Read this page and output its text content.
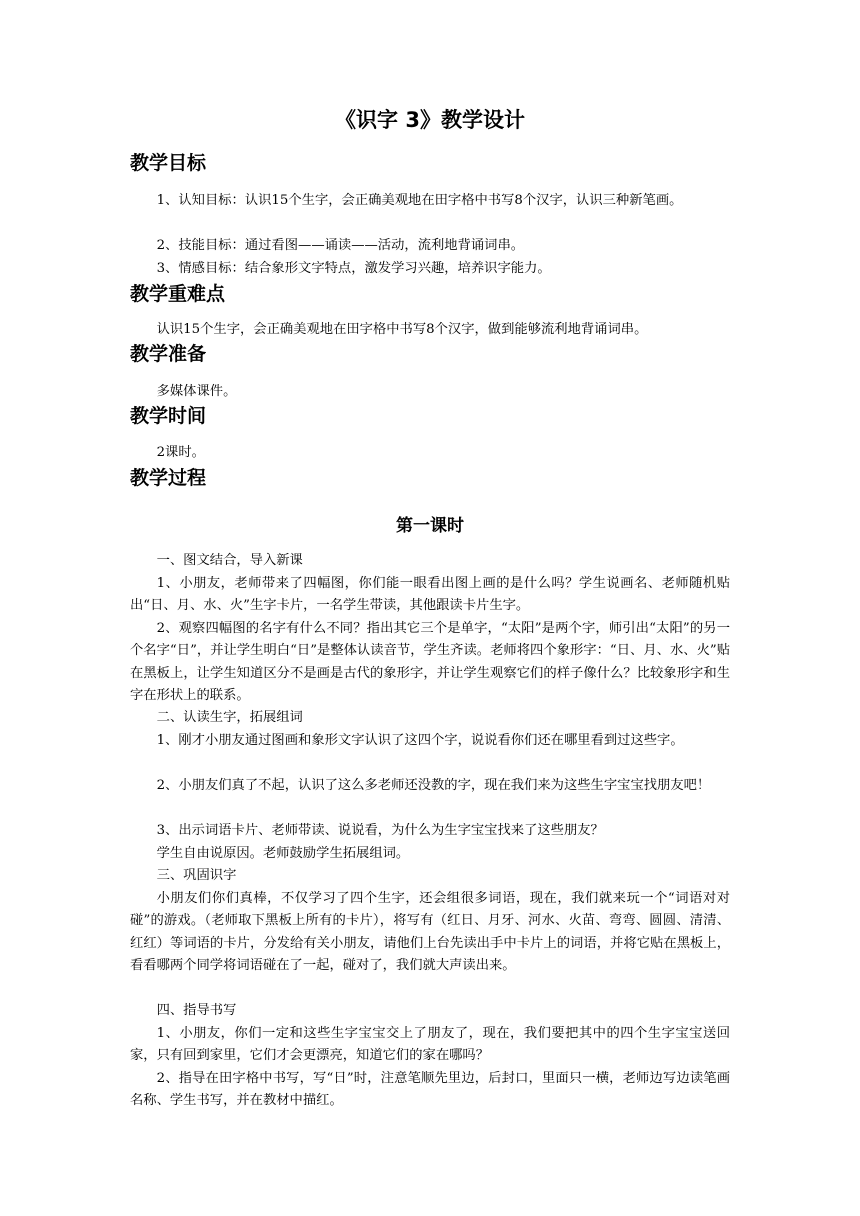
《识字 3》教学设计
教学目标

1、认知目标：认识15个生字，会正确美观地在田字格中书写8个汉字，认识三种新笔画。

2、技能目标：通过看图——诵读——活动，流利地背诵词串。

3、情感目标：结合象形文字特点，激发学习兴趣，培养识字能力。

教学重难点

认识15个生字，会正确美观地在田字格中书写8个汉字，做到能够流利地背诵词串。

教学准备

多媒体课件。

教学时间

2课时。

教学过程
第一课时

一、图文结合，导入新课

1、小朋友，老师带来了四幅图，你们能一眼看出图上画的是什么吗？学生说画名、老师随机贴出“日、月、水、火”生字卡片，一名学生带读，其他跟读卡片生字。

2、观察四幅图的名字有什么不同？指出其它三个是单字，“太阳”是两个字，师引出“太阳”的另一个名字“日”，并让学生明白“日”是整体认读音节，学生齐读。老师将四个象形字：“日、月、水、火”贴在黑板上，让学生知道区分不是画是古代的象形字，并让学生观察它们的样子像什么？比较象形字和生字在形状上的联系。

二、认读生字，拓展组词

1、刚才小朋友通过图画和象形文字认识了这四个字，说说看你们还在哪里看到过这些字。

2、小朋友们真了不起，认识了这么多老师还没教的字，现在我们来为这些生字宝宝找朋友吧！

3、出示词语卡片、老师带读、说说看，为什么为生字宝宝找来了这些朋友？

学生自由说原因。老师鼓励学生拓展组词。

三、巩固识字

小朋友们你们真棒，不仅学习了四个生字，还会组很多词语，现在，我们就来玩一个“词语对对碰”的游戏。（老师取下黑板上所有的卡片），将写有（红日、月牙、河水、火苗、弯弯、圆圆、清清、红红）等词语的卡片，分发给有关小朋友，请他们上台先读出手中卡片上的词语，并将它贴在黑板上，看看哪两个同学将词语碰在了一起，碰对了，我们就大声读出来。

四、指导书写

1、小朋友，你们一定和这些生字宝宝交上了朋友了，现在，我们要把其中的四个生字宝宝送回家，只有回到家里，它们才会更漂亮，知道它们的家在哪吗？

2、指导在田字格中书写，写“日”时，注意笔顺先里边，后封口，里面只一横，老师边写边读笔画名称、学生书写，并在教材中描红。
